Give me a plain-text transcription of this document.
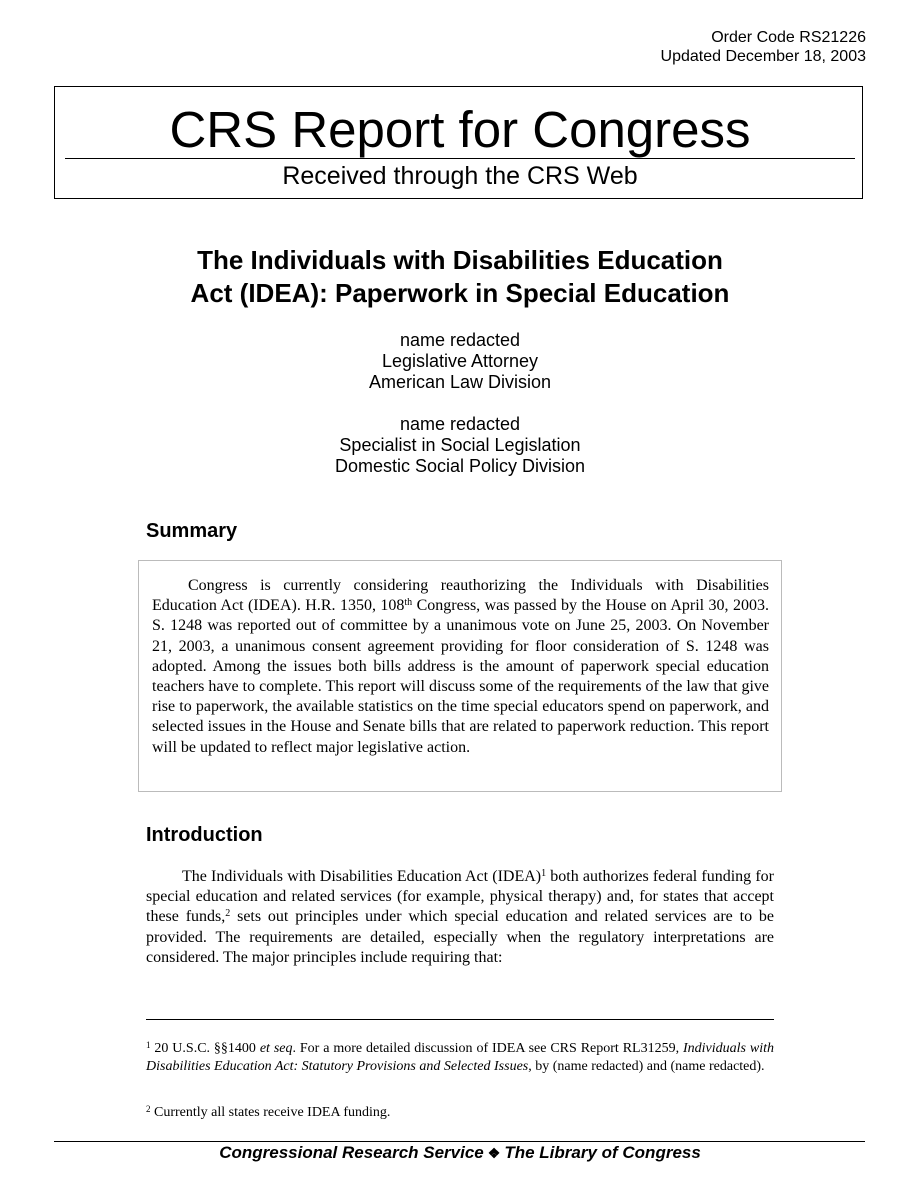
Order Code RS21226
Updated December 18, 2003
CRS Report for Congress
Received through the CRS Web
The Individuals with Disabilities Education
Act (IDEA): Paperwork in Special Education
name redacted
Legislative Attorney
American Law Division
name redacted
Specialist in Social Legislation
Domestic Social Policy Division
Summary

Congress is currently considering reauthorizing the Individuals with Disabilities Education Act (IDEA). H.R. 1350, 108th Congress, was passed by the House on April 30, 2003. S. 1248 was reported out of committee by a unanimous vote on June 25, 2003. On November 21, 2003, a unanimous consent agreement providing for floor consideration of S. 1248 was adopted. Among the issues both bills address is the amount of paperwork special education teachers have to complete. This report will discuss some of the requirements of the law that give rise to paperwork, the available statistics on the time special educators spend on paperwork, and selected issues in the House and Senate bills that are related to paperwork reduction. This report will be updated to reflect major legislative action.

Introduction

The Individuals with Disabilities Education Act (IDEA)$^1$ both authorizes federal funding for special education and related services (for example, physical therapy) and, for states that accept these funds,$^2$ sets out principles under which special education and related services are to be provided. The requirements are detailed, especially when the regulatory interpretations are considered. The major principles include requiring that:

$^1$ 20 U.S.C. §§1400 et seq. For a more detailed discussion of IDEA see CRS Report RL31259, Individuals with Disabilities Education Act: Statutory Provisions and Selected Issues, by (name redacted) and (name redacted).
$^2$ Currently all states receive IDEA funding.
Congressional Research Service ❖ The Library of Congress
